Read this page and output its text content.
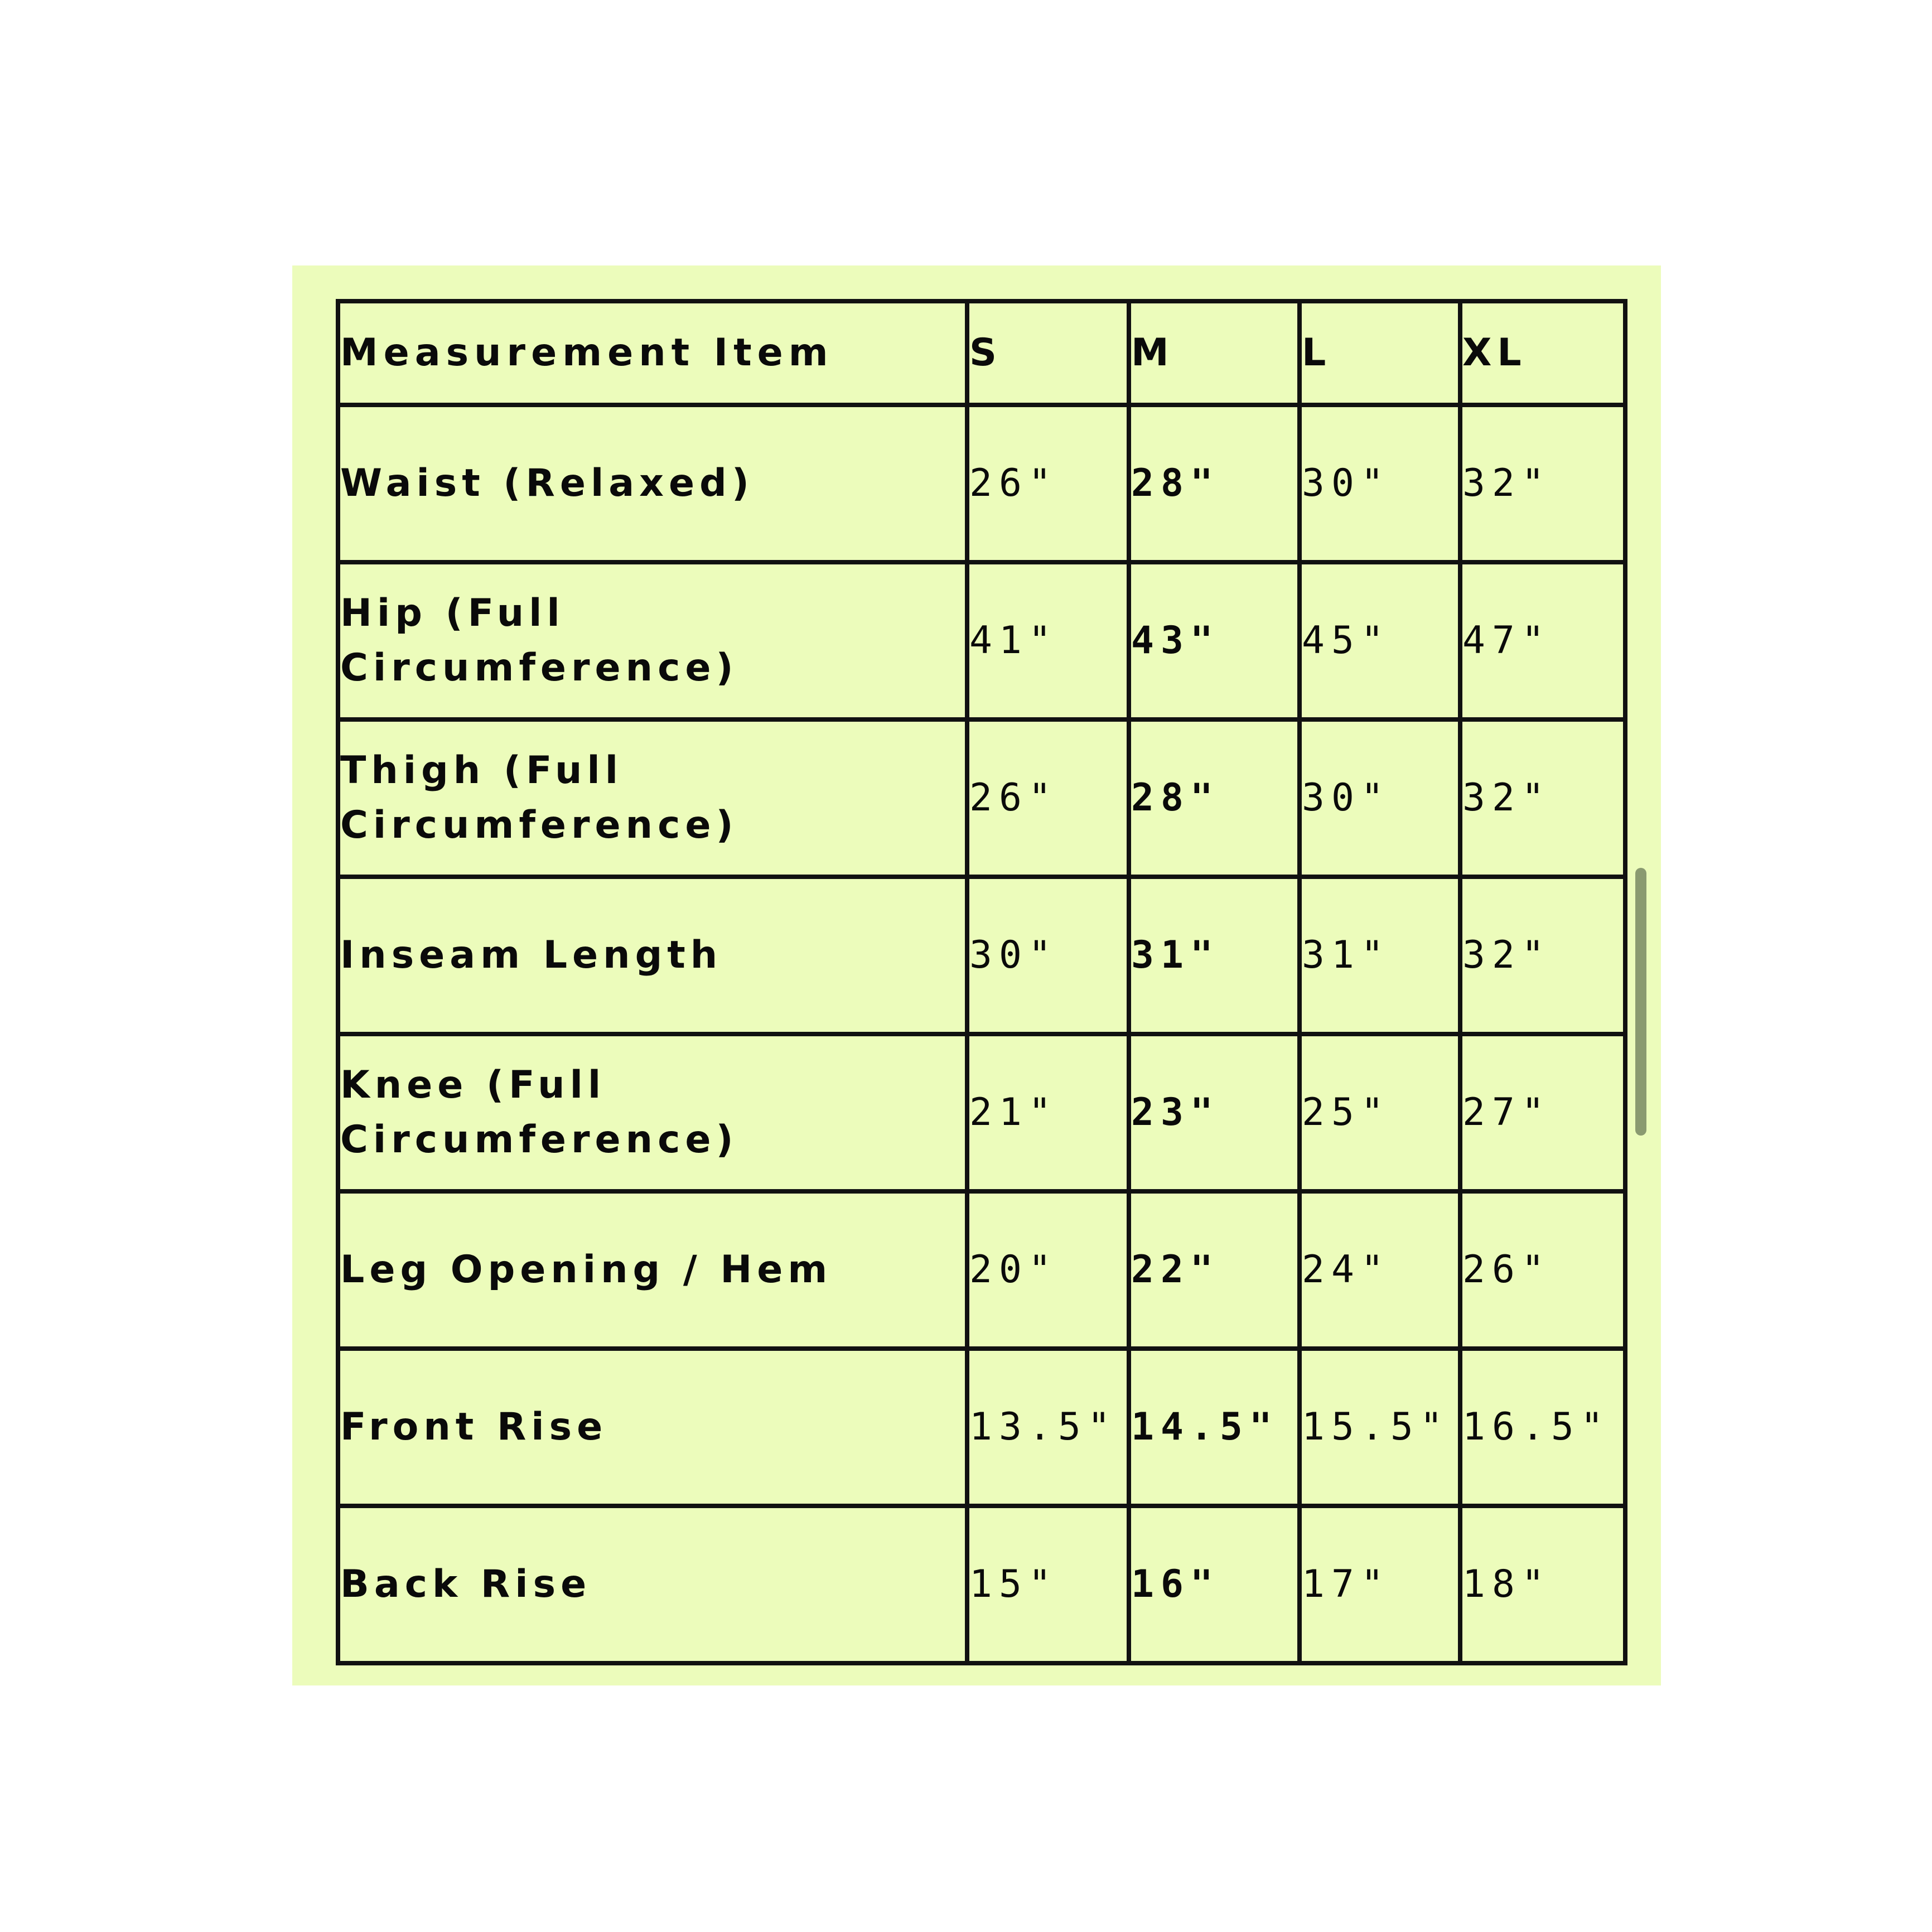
Measurement Item	S	M	L	XL
Waist (Relaxed)	26"	28"	30"	32"
Hip (Full Circumference)	41"	43"	45"	47"
Thigh (Full Circumference)	26"	28"	30"	32"
Inseam Length	30"	31"	31"	32"
Knee (Full Circumference)	21"	23"	25"	27"
Leg Opening / Hem	20"	22"	24"	26"
Front Rise	13.5"	14.5"	15.5"	16.5"
Back Rise	15"	16"	17"	18"
